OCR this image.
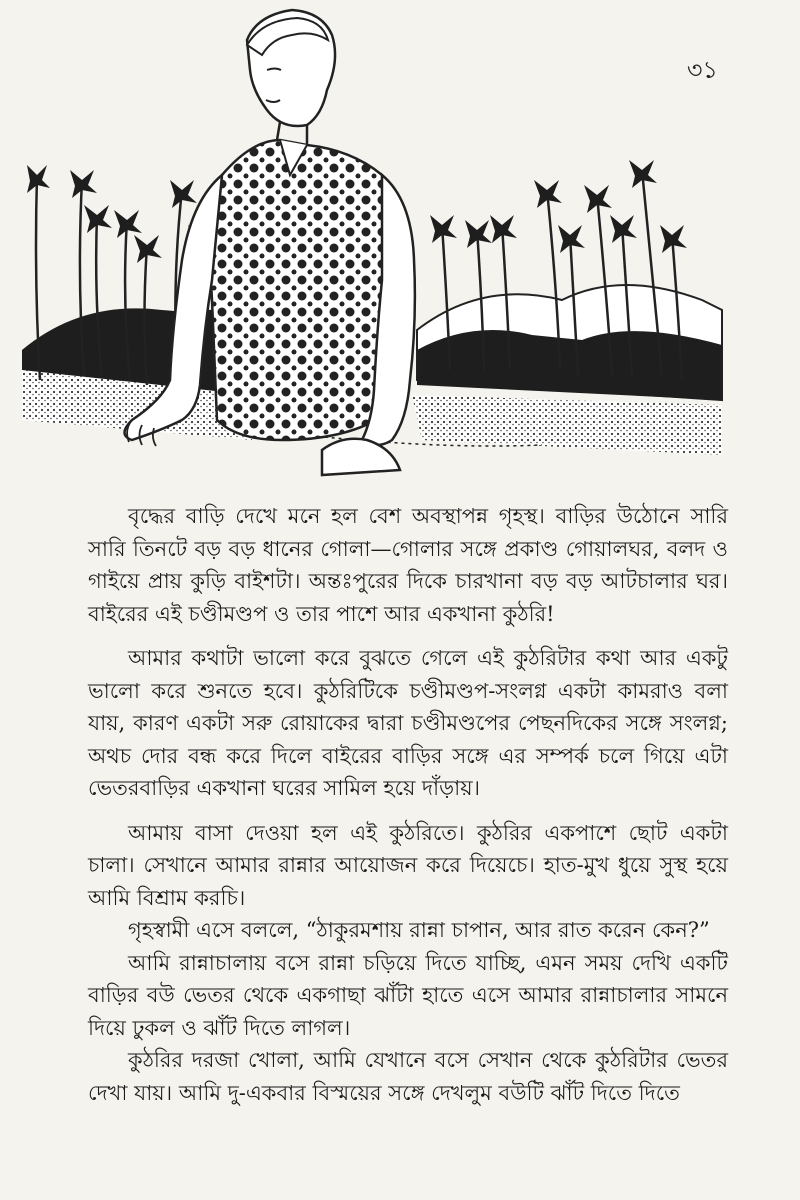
৩১

বৃদ্ধের বাড়ি দেখে মনে হল বেশ অবস্থাপন্ন গৃহস্থ। বাড়ির উঠোনে সারি সারি তিনটে বড় বড় ধানের গোলা—গোলার সঙ্গে প্রকাণ্ড গোয়ালঘর, বলদ ও গাইয়ে প্রায় কুড়ি বাইশটা। অন্তঃপুরের দিকে চারখানা বড় বড় আটচালার ঘর। বাইরের এই চণ্ডীমণ্ডপ ও তার পাশে আর একখানা কুঠরি!

আমার কথাটা ভালো করে বুঝতে গেলে এই কুঠরিটার কথা আর একটু ভালো করে শুনতে হবে। কুঠরিটিকে চণ্ডীমণ্ডপ-সংলগ্ন একটা কামরাও বলা যায়, কারণ একটা সরু রোয়াকের দ্বারা চণ্ডীমণ্ডপের পেছনদিকের সঙ্গে সংলগ্ন; অথচ দোর বন্ধ করে দিলে বাইরের বাড়ির সঙ্গে এর সম্পর্ক চলে গিয়ে এটা ভেতরবাড়ির একখানা ঘরের সামিল হয়ে দাঁড়ায়।

আমায় বাসা দেওয়া হল এই কুঠরিতে। কুঠরির একপাশে ছোট একটা চালা। সেখানে আমার রান্নার আয়োজন করে দিয়েচে। হাত-মুখ ধুয়ে সুস্থ হয়ে আমি বিশ্রাম করচি।

গৃহস্বামী এসে বললে, “ঠাকুরমশায় রান্না চাপান, আর রাত করেন কেন?”

আমি রান্নাচালায় বসে রান্না চড়িয়ে দিতে যাচ্ছি, এমন সময় দেখি একটি বাড়ির বউ ভেতর থেকে একগাছা ঝাঁটা হাতে এসে আমার রান্নাচালার সামনে দিয়ে ঢুকল ও ঝাঁট দিতে লাগল।

কুঠরির দরজা খোলা, আমি যেখানে বসে সেখান থেকে কুঠরিটার ভেতর দেখা যায়। আমি দু-একবার বিস্ময়ের সঙ্গে দেখলুম বউটি ঝাঁট দিতে দিতে
